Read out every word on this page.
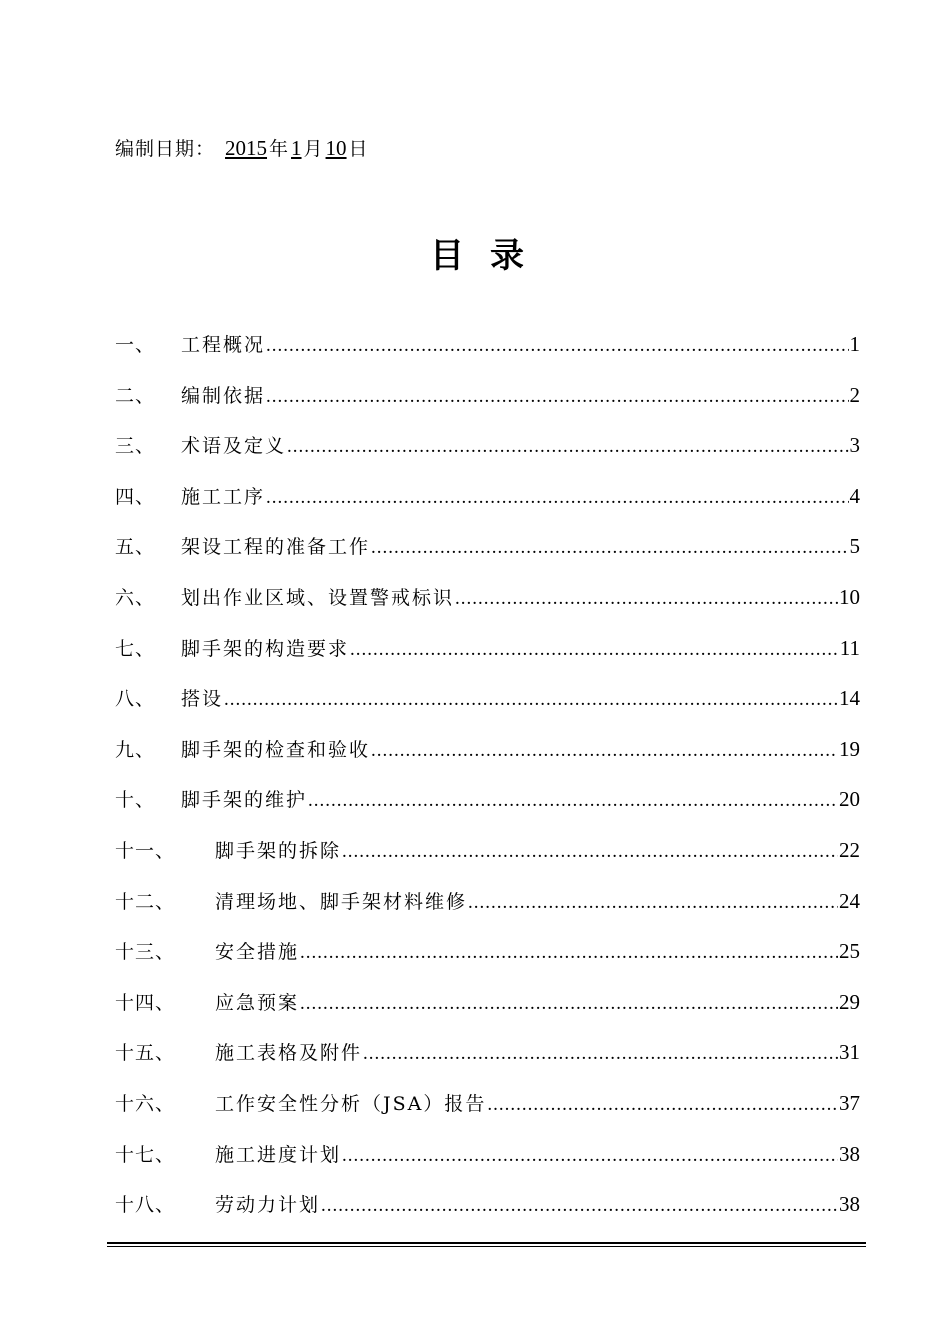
编制日期： 2015 年1 月10 日
目录
一、	工程概况 .....	1
二、	编制依据 .....	2
三、	术语及定义 .....	3
四、	施工工序 .....	4
五、	架设工程的准备工作 .....	5
六、	划出作业区域、设置警戒标识 .....	10
七、	脚手架的构造要求 .....	11
八、	搭设 .....	14
九、	脚手架的检查和验收 .....	19
十、	脚手架的维护 .....	20
十一、	脚手架的拆除 .....	22
十二、	清理场地、脚手架材料维修 .....	24
十三、	安全措施 .....	25
十四、	应急预案 .....	29
十五、	施工表格及附件 .....	31
十六、	工作安全性分析（JSA）报告 .....	37
十七、	施工进度计划 .....	38
十八、	劳动力计划 .....	38
